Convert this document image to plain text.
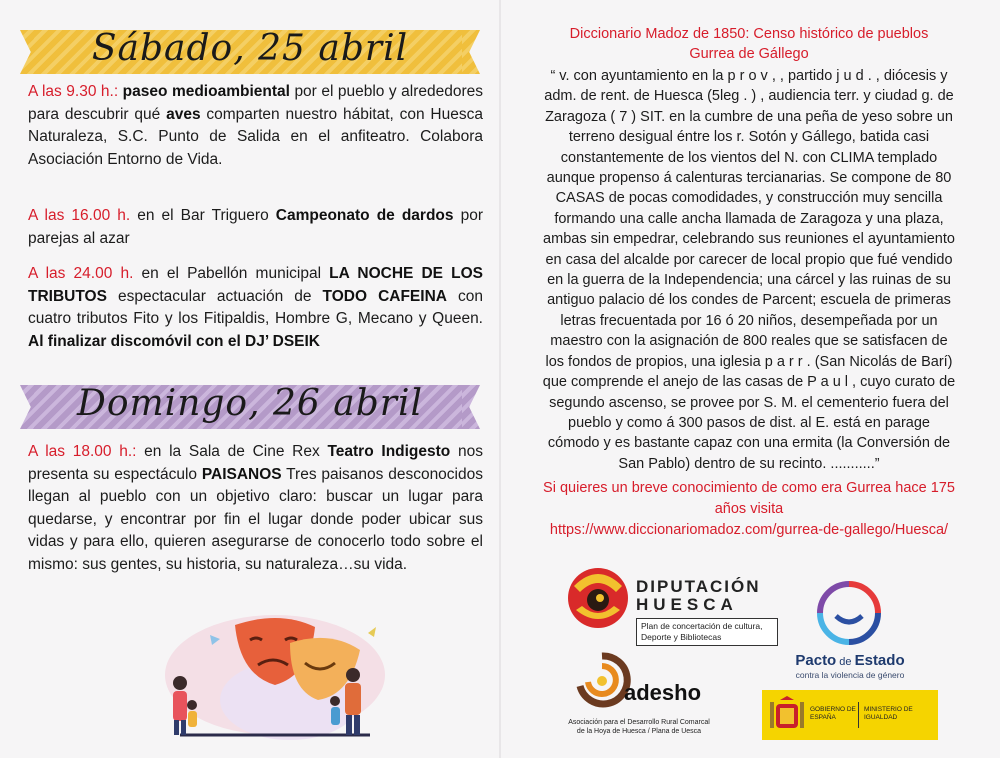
Sábado, 25 abril
A las 9.30 h.: paseo medioambiental por el pueblo y alrededores para descubrir qué aves comparten nuestro hábitat, con Huesca Naturaleza, S.C. Punto de Salida en el anfiteatro. Colabora Asociación Entorno de Vida.
A las 16.00 h. en el Bar Triguero Campeonato de dardos por parejas al azar
A las 24.00 h. en el Pabellón municipal LA NOCHE DE LOS TRIBUTOS espectacular actuación de TODO CAFEINA con cuatro tributos Fito y los Fitipaldis, Hombre G, Mecano y Queen. Al finalizar discomóvil con el DJ’ DSEIK
Domingo, 26 abril
A las 18.00 h.: en la Sala de Cine Rex Teatro Indigesto nos presenta su espectáculo PAISANOS Tres paisanos desconocidos llegan al pueblo con un objetivo claro: buscar un lugar para quedarse, y encontrar por fin el lugar donde poder ubicar sus vidas y para ello, quieren asegurarse de conocerlo todo sobre el mismo: sus gentes, su historia, su naturaleza…su vida.
Diccionario Madoz de 1850: Censo histórico de pueblos
Gurrea de Gállego
“ v. con ayuntamiento en la p r o v , , partido j u d . , diócesis y
adm. de rent. de Huesca (5leg . ) , audiencia terr. y ciudad g. de
Zaragoza ( 7 ) SIT. en la cumbre de una peña de yeso sobre un
terreno desigual éntre los r. Sotón y Gállego, batida casi
constantemente de los vientos del N. con CLIMA templado
aunque propenso á calenturas tercianarias. Se compone de 80
CASAS de pocas comodidades, y construcción muy sencilla
formando una calle ancha llamada de Zaragoza y una plaza,
ambas sin empedrar, celebrando sus reuniones el ayuntamiento
en casa del alcalde por carecer de local propio que fué vendido
en la guerra de la Independencia; una cárcel y las ruinas de su
antiguo palacio dé los condes de Parcent; escuela de primeras
letras frecuentada por 16 ó 20 niños, desempeñada por un
maestro con la asignación de 800 reales que se satisfacen de
los fondos de propios, una iglesia p a r r . (San Nicolás de Barí)
que comprende el anejo de las casas de P a u l , cuyo curato de
segundo ascenso, se provee por S. M. el cementerio fuera del
pueblo y como á 300 pasos de dist. al E. está en parage
cómodo y es bastante capaz con una ermita (la Conversión de
San Pablo) dentro de su recinto. ...........”
Si quieres un breve conocimiento de como era Gurrea hace 175
años visita
https://www.diccionariomadoz.com/gurrea-de-gallego/Huesca/
DIPUTACIÓN
HUESCA
Plan de concertación de cultura, Deporte y Bibliotecas
adesho
Asociación para el Desarrollo Rural Comarcal
de la Hoya de Huesca / Plana de Uesca
Pacto de Estado
contra la violencia de género
GOBIERNO DE ESPAÑA
MINISTERIO DE IGUALDAD
